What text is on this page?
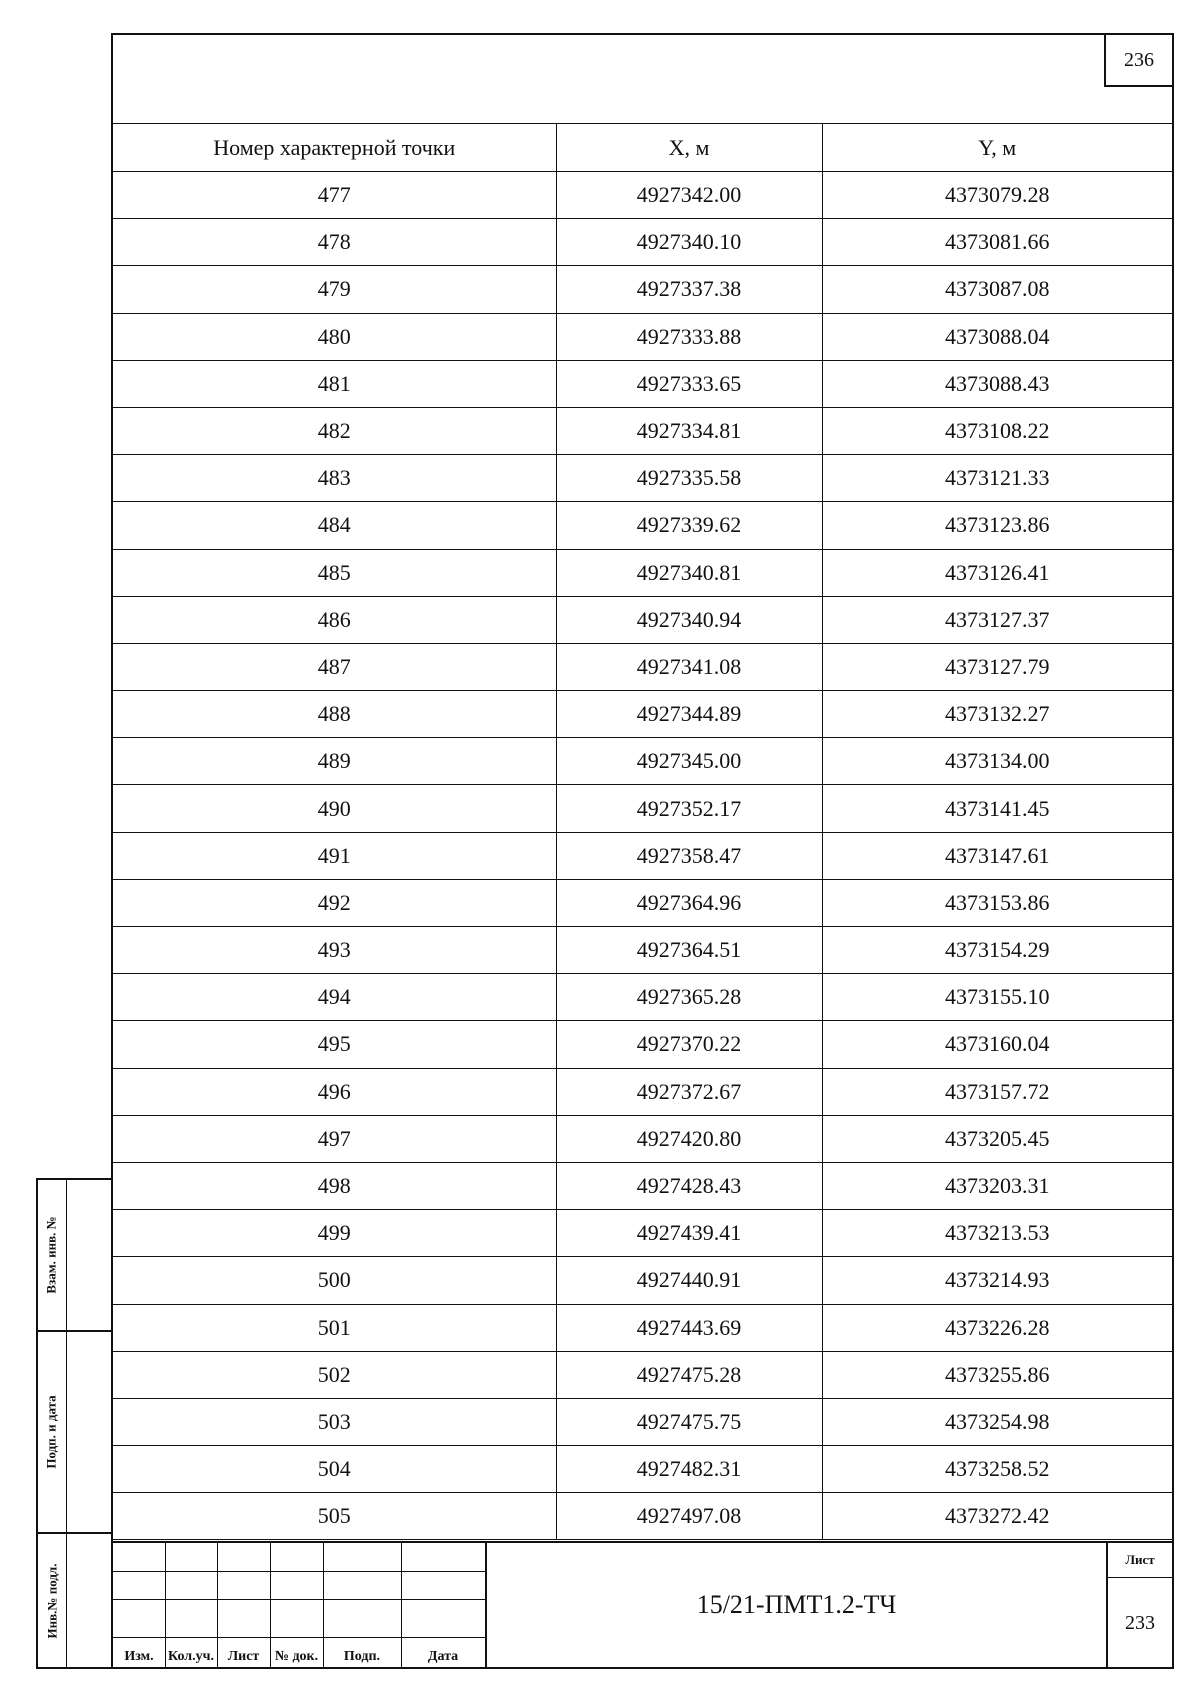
236
Номер характерной точки	X, м	Y, м
477	4927342.00	4373079.28
478	4927340.10	4373081.66
479	4927337.38	4373087.08
480	4927333.88	4373088.04
481	4927333.65	4373088.43
482	4927334.81	4373108.22
483	4927335.58	4373121.33
484	4927339.62	4373123.86
485	4927340.81	4373126.41
486	4927340.94	4373127.37
487	4927341.08	4373127.79
488	4927344.89	4373132.27
489	4927345.00	4373134.00
490	4927352.17	4373141.45
491	4927358.47	4373147.61
492	4927364.96	4373153.86
493	4927364.51	4373154.29
494	4927365.28	4373155.10
495	4927370.22	4373160.04
496	4927372.67	4373157.72
497	4927420.80	4373205.45
498	4927428.43	4373203.31
499	4927439.41	4373213.53
500	4927440.91	4373214.93
501	4927443.69	4373226.28
502	4927475.28	4373255.86
503	4927475.75	4373254.98
504	4927482.31	4373258.52
505	4927497.08	4373272.42
Изм.	Кол.уч. Лист	№ док.	Подп.	Дата
15/21-ПМТ1.2-ТЧ
Лист
233
Взам. инв. №
Подп. и дата
Инв.№ подл.
